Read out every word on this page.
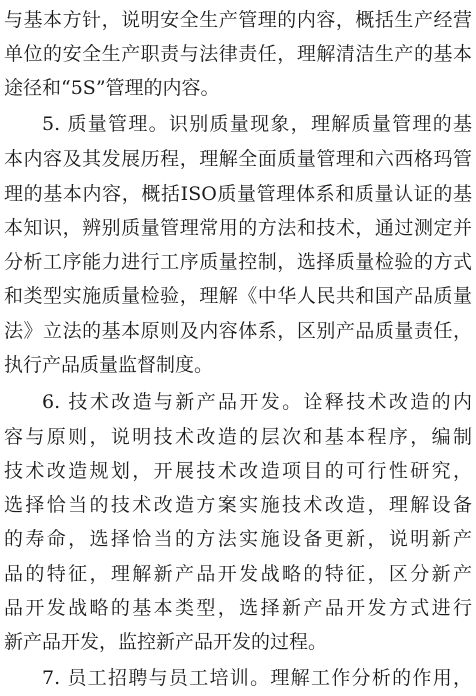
与基本方针，说明安全生产管理的内容，概括生产经营
单位的安全生产职责与法律责任，理解清洁生产的基本
途径和“5S”管理的内容。
5. 质量管理。识别质量现象，理解质量管理的基
本内容及其发展历程，理解全面质量管理和六西格玛管
理的基本内容，概括ISO质量管理体系和质量认证的基
本知识，辨别质量管理常用的方法和技术，通过测定并
分析工序能力进行工序质量控制，选择质量检验的方式
和类型实施质量检验，理解《中华人民共和国产品质量
法》立法的基本原则及内容体系，区别产品质量责任，
执行产品质量监督制度。
6. 技术改造与新产品开发。诠释技术改造的内
容与原则，说明技术改造的层次和基本程序，编制
技术改造规划，开展技术改造项目的可行性研究，
选择恰当的技术改造方案实施技术改造，理解设备
的寿命，选择恰当的方法实施设备更新，说明新产
品的特征，理解新产品开发战略的特征，区分新产
品开发战略的基本类型，选择新产品开发方式进行
新产品开发，监控新产品开发的过程。
7. 员工招聘与员工培训。理解工作分析的作用，
